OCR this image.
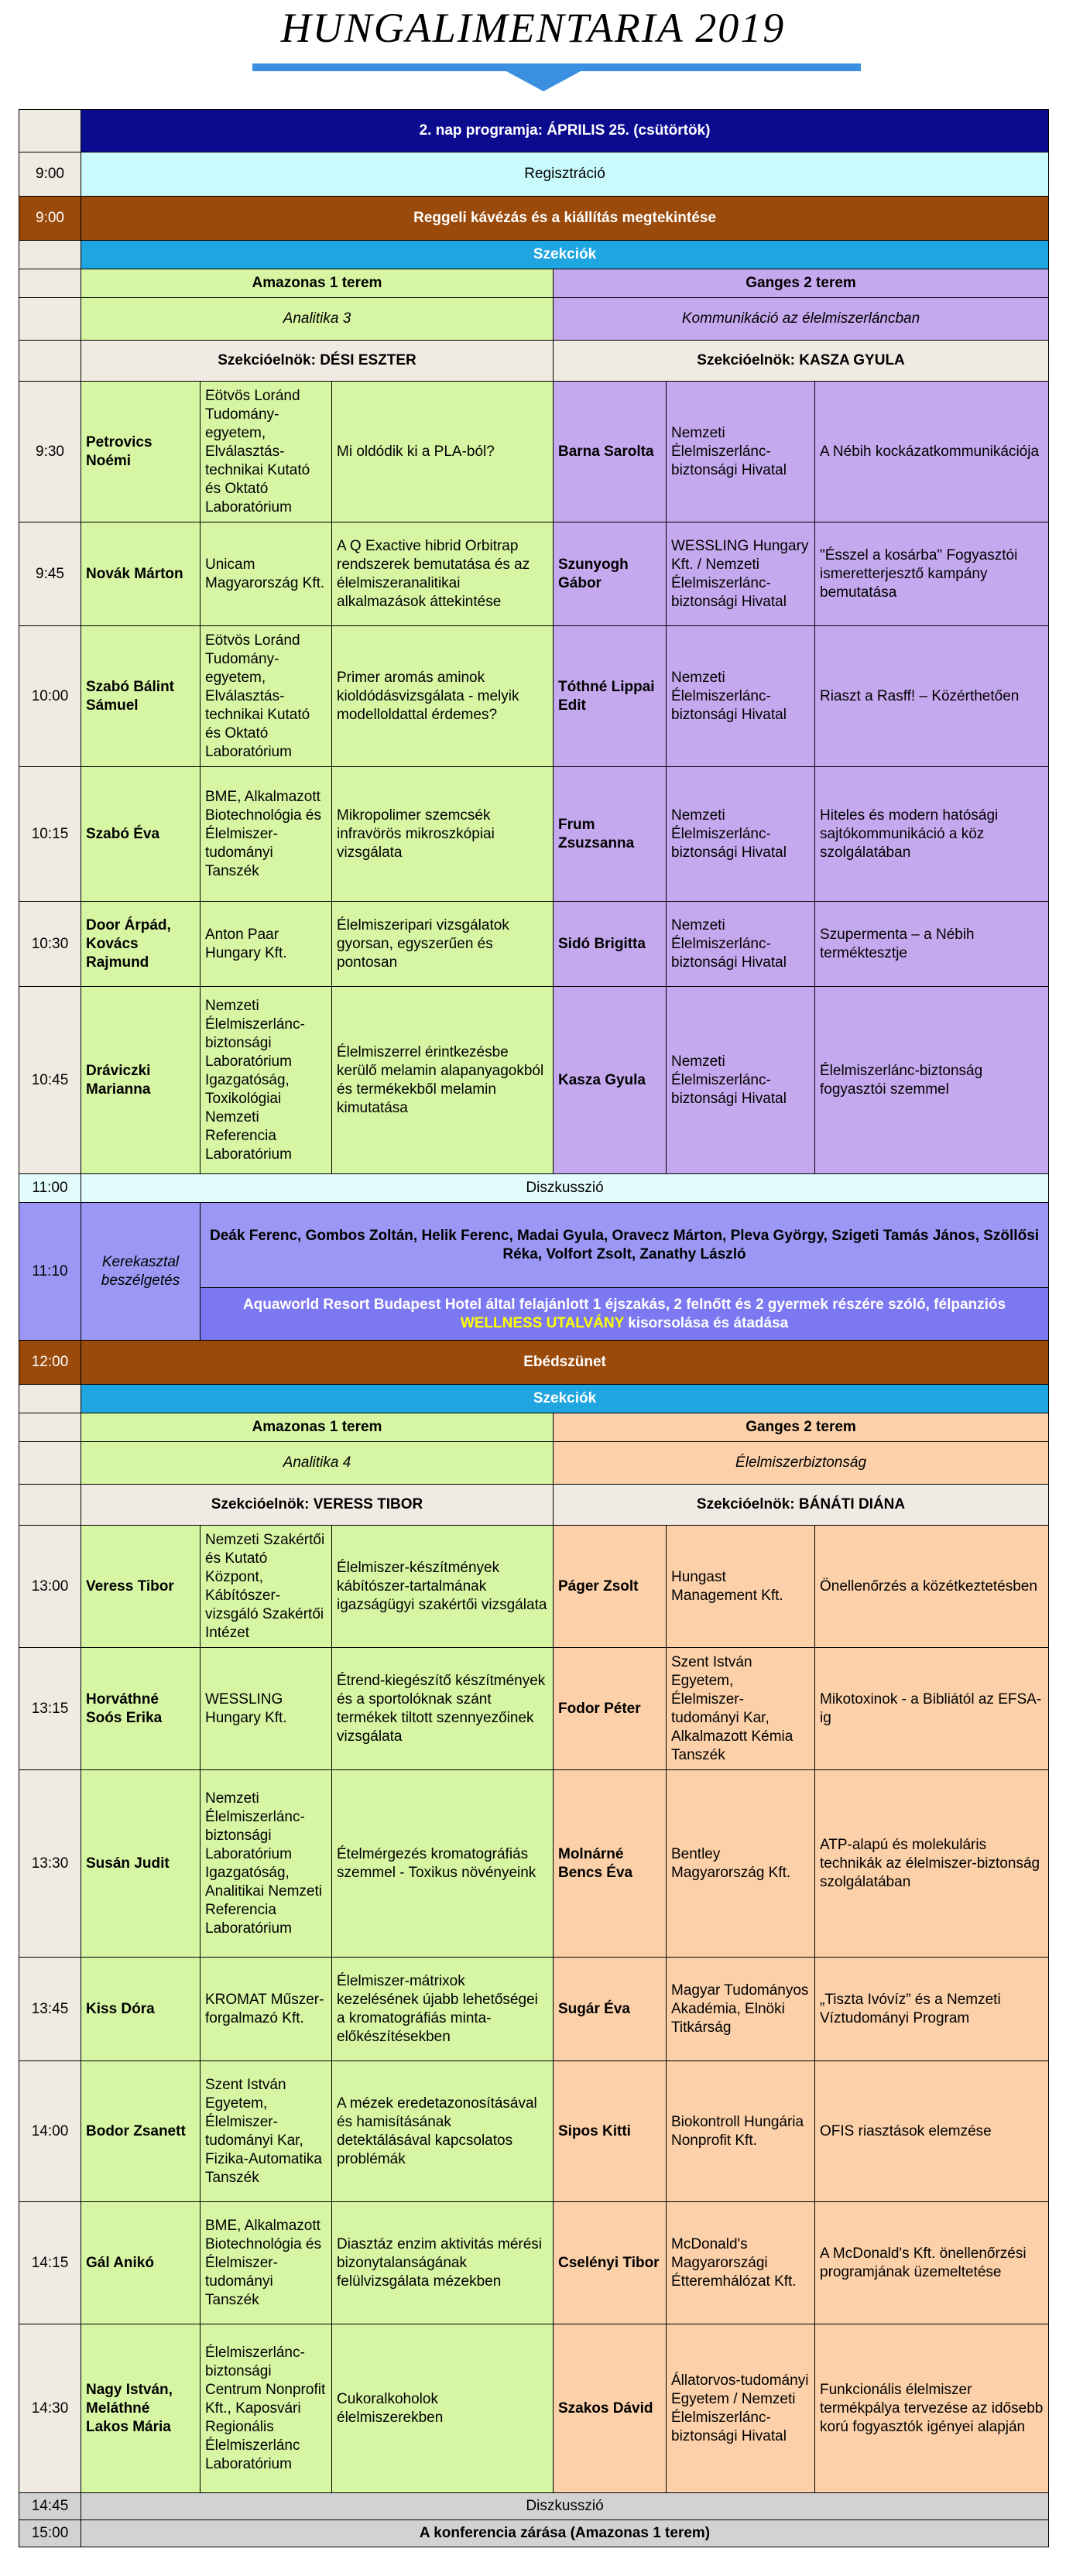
HUNGALIMENTARIA 2019
	2. nap programja: ÁPRILIS 25. (csütörtök)					
9:00	Regisztráció					
9:00	Reggeli kávézás és a kiállítás megtekintése					
	Szekciók					
	Amazonas 1 terem			Ganges 2 terem		
	Analitika 3			Kommunikáció az élelmiszerláncban		
	Szekcióelnök: DÉSI ESZTER			Szekcióelnök: KASZA GYULA		
9:30	Petrovics Noémi	Eötvös Loránd Tudomány-egyetem, Elválasztás-technikai Kutató és Oktató Laboratórium	Mi oldódik ki a PLA-ból?	Barna Sarolta	Nemzeti Élelmiszerlánc-biztonsági Hivatal	A Nébih kockázatkommunikációja
9:45	Novák Márton	Unicam Magyarország Kft.	A Q Exactive hibrid Orbitrap rendszerek bemutatása és az élelmiszeranalitikai alkalmazások áttekintése	Szunyogh Gábor	WESSLING Hungary Kft. / Nemzeti Élelmiszerlánc-biztonsági Hivatal	"Ésszel a kosárba" Fogyasztói ismeretterjesztő kampány bemutatása
10:00	Szabó Bálint Sámuel	Eötvös Loránd Tudomány-egyetem, Elválasztás-technikai Kutató és Oktató Laboratórium	Primer aromás aminok kioldódásvizsgálata - melyik modelloldattal érdemes?	Tóthné Lippai Edit	Nemzeti Élelmiszerlánc-biztonsági Hivatal	Riaszt a Rasff! – Közérthetően
10:15	Szabó Éva	BME, Alkalmazott Biotechnológia és Élelmiszer-tudományi Tanszék	Mikropolimer szemcsék infravörös mikroszkópiai vizsgálata	Frum Zsuzsanna	Nemzeti Élelmiszerlánc-biztonsági Hivatal	Hiteles és modern hatósági sajtókommunikáció a köz szolgálatában
10:30	Door Árpád, Kovács Rajmund	Anton Paar Hungary Kft.	Élelmiszeripari vizsgálatok gyorsan, egyszerűen és pontosan	Sidó Brigitta	Nemzeti Élelmiszerlánc-biztonsági Hivatal	Szupermenta – a Nébih terméktesztje
10:45	Dráviczki Marianna	Nemzeti Élelmiszerlánc-biztonsági Laboratórium Igazgatóság, Toxikológiai Nemzeti Referencia Laboratórium	Élelmiszerrel érintkezésbe kerülő melamin alapanyagokból és termékekből melamin kimutatása	Kasza Gyula	Nemzeti Élelmiszerlánc-biztonsági Hivatal	Élelmiszerlánc-biztonság fogyasztói szemmel
11:00	Diszkusszió					
11:10	Kerekasztal beszélgetés	Deák Ferenc, Gombos Zoltán, Helik Ferenc, Madai Gyula, Oravecz Márton, Pleva György, Szigeti Tamás János, Szöllősi Réka, Volfort Zsolt, Zanathy László				
		Aquaworld Resort Budapest Hotel által felajánlott 1 éjszakás, 2 felnőtt és 2 gyermek részére szóló, félpanziós WELLNESS UTALVÁNY kisorsolása és átadása				
12:00	Ebédszünet					
	Szekciók					
	Amazonas 1 terem			Ganges 2 terem		
	Analitika 4			Élelmiszerbiztonság		
	Szekcióelnök: VERESS TIBOR			Szekcióelnök: BÁNÁTI DIÁNA		
13:00	Veress Tibor	Nemzeti Szakértői és Kutató Központ, Kábítószer-vizsgáló Szakértői Intézet	Élelmiszer-készítmények kábítószer-tartalmának igazságügyi szakértői vizsgálata	Páger Zsolt	Hungast Management Kft.	Önellenőrzés a közétkeztetésben
13:15	Horváthné Soós Erika	WESSLING Hungary Kft.	Étrend-kiegészítő készítmények és a sportolóknak szánt termékek tiltott szennyezőinek vizsgálata	Fodor Péter	Szent István Egyetem, Élelmiszer-tudományi Kar, Alkalmazott Kémia Tanszék	Mikotoxinok - a Bibliától az EFSA-ig
13:30	Susán Judit	Nemzeti Élelmiszerlánc-biztonsági Laboratórium Igazgatóság, Analitikai Nemzeti Referencia Laboratórium	Ételmérgezés kromatográfiás szemmel - Toxikus növényeink	Molnárné Bencs Éva	Bentley Magyarország Kft.	ATP-alapú és molekuláris technikák az élelmiszer-biztonság szolgálatában
13:45	Kiss Dóra	KROMAT Műszer-forgalmazó Kft.	Élelmiszer-mátrixok kezelésének újabb lehetőségei a kromatográfiás minta-előkészítésekben	Sugár Éva	Magyar Tudományos Akadémia, Elnöki Titkárság	„Tiszta Ivóvíz” és a Nemzeti Víztudományi Program
14:00	Bodor Zsanett	Szent István Egyetem, Élelmiszer-tudományi Kar, Fizika-Automatika Tanszék	A mézek eredetazonosításával és hamisításának detektálásával kapcsolatos problémák	Sipos Kitti	Biokontroll Hungária Nonprofit Kft.	OFIS riasztások elemzése
14:15	Gál Anikó	BME, Alkalmazott Biotechnológia és Élelmiszer-tudományi Tanszék	Diasztáz enzim aktivitás mérési bizonytalanságának felülvizsgálata mézekben	Cselényi Tibor	McDonald's Magyarországi Étteremhálózat Kft.	A McDonald's Kft. önellenőrzési programjának üzemeltetése
14:30	Nagy István, Meláthné Lakos Mária	Élelmiszerlánc-biztonsági Centrum Nonprofit Kft., Kaposvári Regionális Élelmiszerlánc Laboratórium	Cukoralkoholok élelmiszerekben	Szakos Dávid	Állatorvos-tudományi Egyetem / Nemzeti Élelmiszerlánc-biztonsági Hivatal	Funkcionális élelmiszer termékpálya tervezése az idősebb korú fogyasztók igényei alapján
14:45	Diszkusszió					
15:00	A konferencia zárása (Amazonas 1 terem)					
